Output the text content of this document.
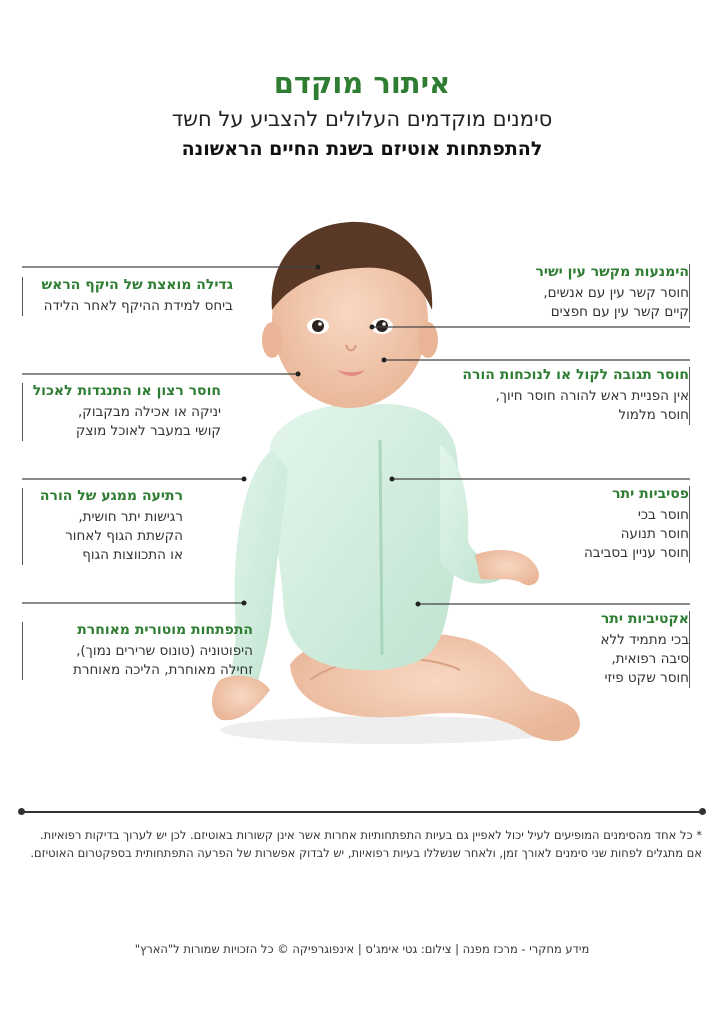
איתור מוקדם
סימנים מוקדמים העלולים להצביע על חשד
להתפתחות אוטיזם בשנת החיים הראשונה
הימנעות מקשר עין ישיר
חוסר קשר עין עם אנשים,
קיים קשר עין עם חפצים
חוסר תגובה לקול או לנוכחות הורה
אין הפניית ראש להורה חוסר חיוך,
חוסר מלמול
פסיביות יתר
חוסר בכי
חוסר תנועה
חוסר עניין בסביבה
אקטיביות יתר
בכי מתמיד ללא
סיבה רפואית,
חוסר שקט פיזי
גדילה מואצת של היקף הראש
ביחס למידת ההיקף לאחר הלידה
חוסר רצון או התנגדות לאכול
יניקה או אכילה מבקבוק,
קושי במעבר לאוכל מוצק
רתיעה ממגע של הורה
רגישות יתר חושית,
הקשתת הגוף לאחור
או התכווצות הגוף
התפתחות מוטורית מאוחרת
היפוטוניה (טונוס שרירים נמוך),
זחילה מאוחרת, הליכה מאוחרת
* כל אחד מהסימנים המופיעים לעיל יכול לאפיין גם בעיות התפתחותיות אחרות אשר אינן קשורות באוטיזם. לכן יש לערוך בדיקות רפואיות.
אם מתגלים לפחות שני סימנים לאורך זמן, ולאחר שנשללו בעיות רפואיות, יש לבדוק אפשרות של הפרעה התפתחותית בספקטרום האוטיזם.
מידע מחקרי - מרכז מפנה | צילום: גטי אימג'ס | אינפוגרפיקה © כל הזכויות שמורות ל"הארץ"
